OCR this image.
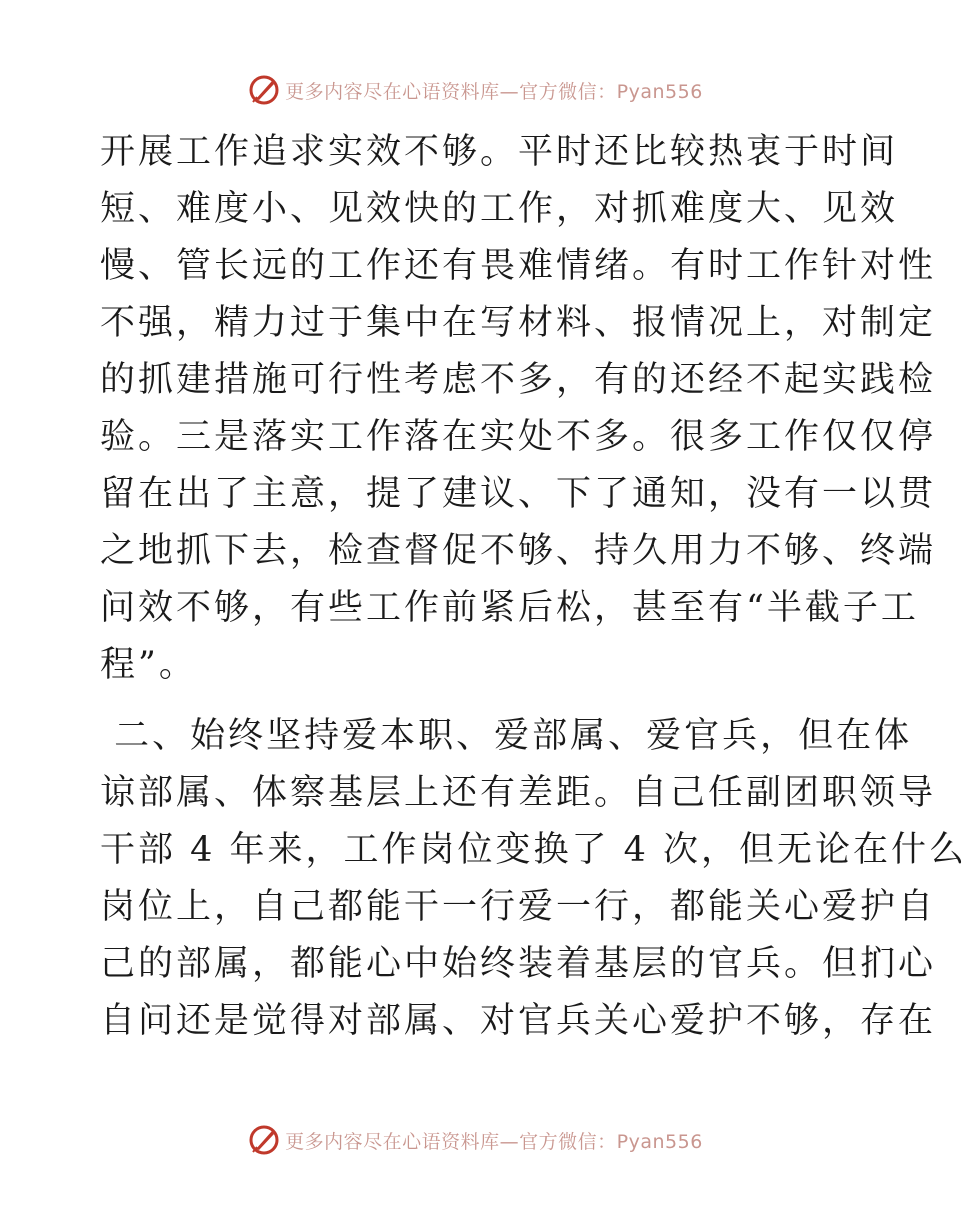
更多内容尽在心语资料库—官方微信：Pyan556
开展工作追求实效不够。平时还比较热衷于时间
短、难度小、见效快的工作，对抓难度大、见效
慢、管长远的工作还有畏难情绪。有时工作针对性
不强，精力过于集中在写材料、报情况上，对制定
的抓建措施可行性考虑不多，有的还经不起实践检
验。三是落实工作落在实处不多。很多工作仅仅停
留在出了主意，提了建议、下了通知，没有一以贯
之地抓下去，检查督促不够、持久用力不够、终端
问效不够，有些工作前紧后松，甚至有“半截子工
程”。
二、始终坚持爱本职、爱部属、爱官兵，但在体
谅部属、体察基层上还有差距。自己任副团职领导
干部 4 年来，工作岗位变换了 4 次，但无论在什么
岗位上，自己都能干一行爱一行，都能关心爱护自
己的部属，都能心中始终装着基层的官兵。但扪心
自问还是觉得对部属、对官兵关心爱护不够，存在
更多内容尽在心语资料库—官方微信：Pyan556
